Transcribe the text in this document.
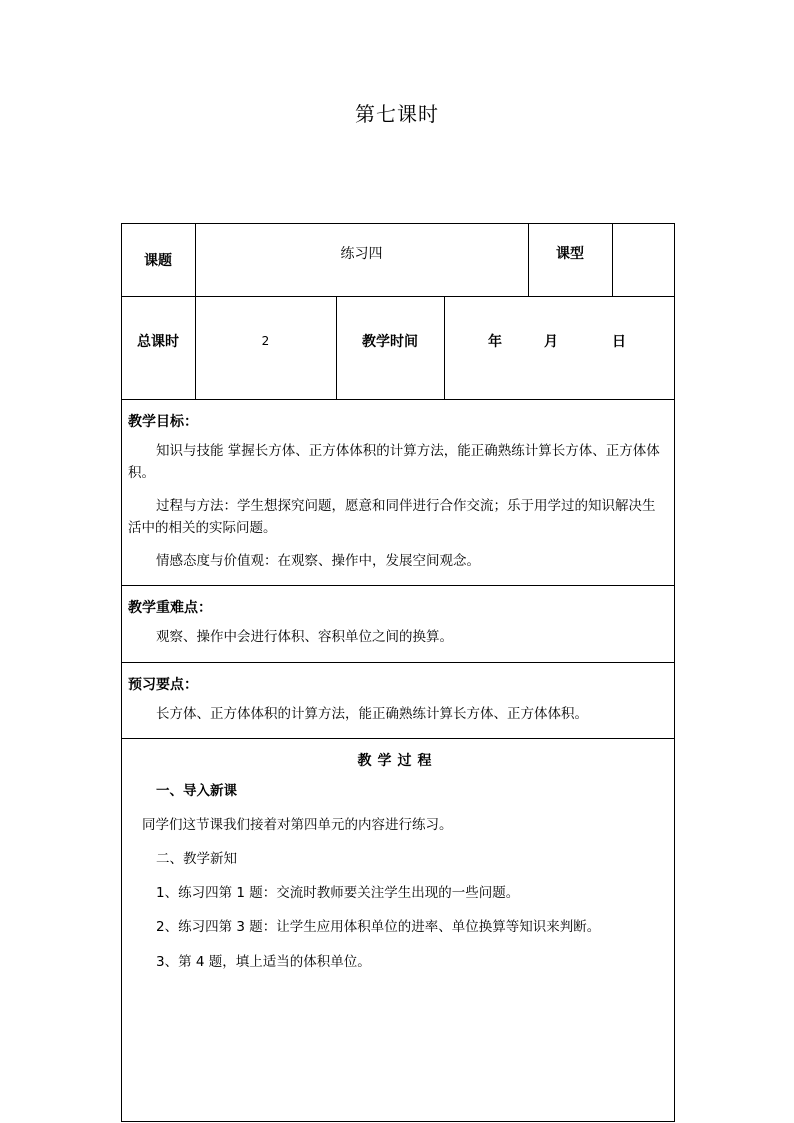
第七课时
课题	练习四	课型
总课时	2	教学时间	年	月	日
教学目标：
知识与技能 掌握长方体、正方体体积的计算方法，能正确熟练计算长方体、正方体体积。
过程与方法：学生想探究问题，愿意和同伴进行合作交流；乐于用学过的知识解决生活中的相关的实际问题。
情感态度与价值观：在观察、操作中，发展空间观念。
教学重难点：
观察、操作中会进行体积、容积单位之间的换算。
预习要点：
长方体、正方体体积的计算方法，能正确熟练计算长方体、正方体体积。
教学过程
一、导入新课
同学们这节课我们接着对第四单元的内容进行练习。
二、教学新知
1、练习四第 1 题：交流时教师要关注学生出现的一些问题。
2、练习四第 3 题：让学生应用体积单位的进率、单位换算等知识来判断。
3、第 4 题，填上适当的体积单位。
